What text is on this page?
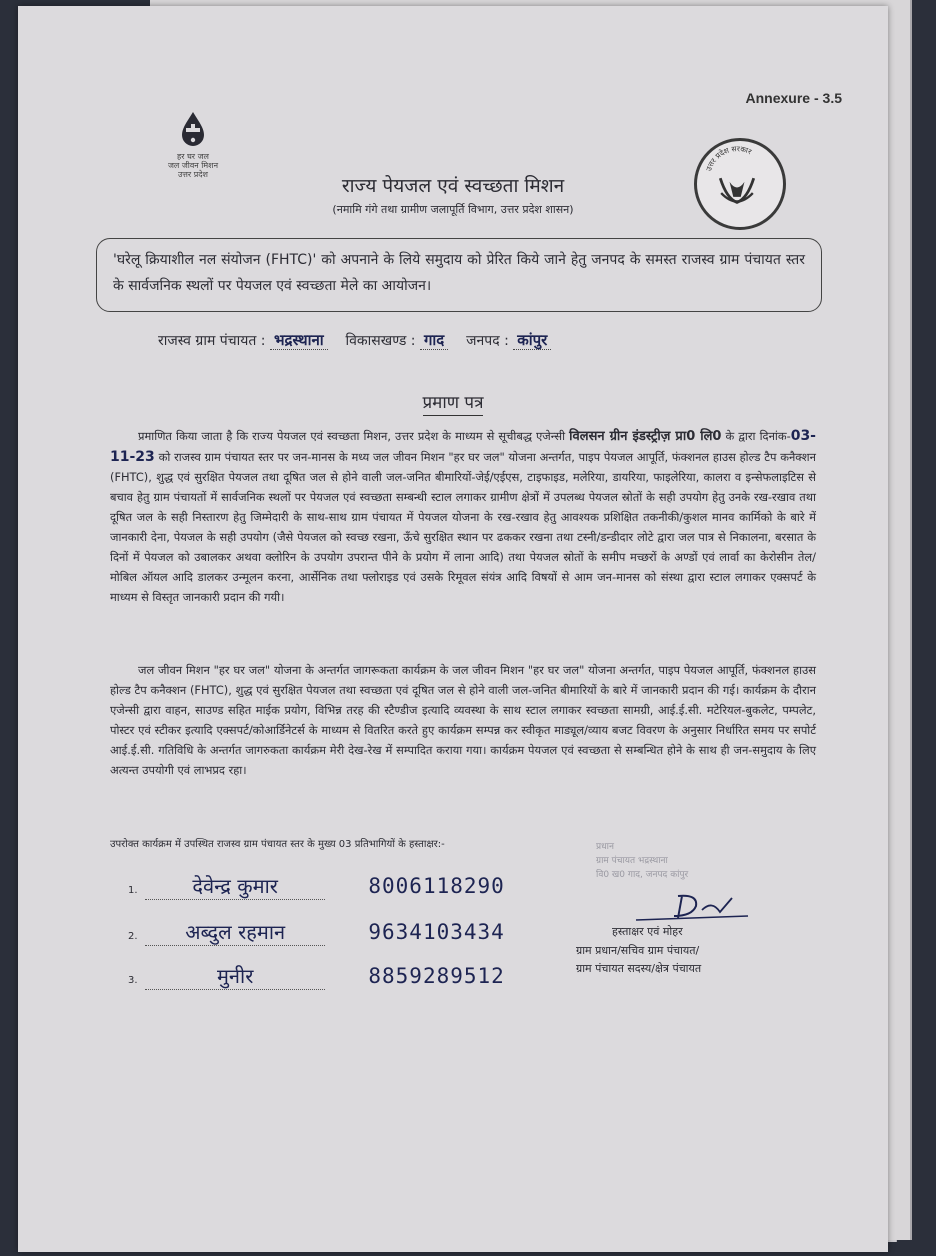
Annexure - 3.5
हर घर जल
जल जीवन मिशन
उत्तर प्रदेश
उत्तर प्रदेश सरकार
राज्य पेयजल एवं स्वच्छता मिशन
(नमामि गंगे तथा ग्रामीण जलापूर्ति विभाग, उत्तर प्रदेश शासन)
'घरेलू क्रियाशील नल संयोजन (FHTC)' को अपनाने के लिये समुदाय को प्रेरित किये जाने हेतु जनपद के समस्त राजस्व ग्राम पंचायत स्तर के सार्वजनिक स्थलों पर पेयजल एवं स्वच्छता मेले का आयोजन।
राजस्व ग्राम पंचायत : भद्रस्थाना विकासखण्ड : गाद जनपद : कांपुर
प्रमाण पत्र
प्रमाणित किया जाता है कि राज्य पेयजल एवं स्वच्छता मिशन, उत्तर प्रदेश के माध्यम से सूचीबद्ध एजेन्सी विलसन ग्रीन इंडस्ट्रीज़ प्रा0 लि0 के द्वारा दिनांक-03-11-23 को राजस्व ग्राम पंचायत स्तर पर जन-मानस के मध्य जल जीवन मिशन "हर घर जल" योजना अन्तर्गत, पाइप पेयजल आपूर्ति, फंक्शनल हाउस होल्ड टैप कनैक्शन (FHTC), शुद्ध एवं सुरक्षित पेयजल तथा दूषित जल से होने वाली जल-जनित बीमारियों-जेई/एईएस, टाइफाइड, मलेरिया, डायरिया, फाइलेरिया, कालरा व इन्सेफलाइटिस से बचाव हेतु ग्राम पंचायतों में सार्वजनिक स्थलों पर पेयजल एवं स्वच्छता सम्बन्धी स्टाल लगाकर ग्रामीण क्षेत्रों में उपलब्ध पेयजल स्रोतों के सही उपयोग हेतु उनके रख-रखाव तथा दूषित जल के सही निस्तारण हेतु जिम्मेदारी के साथ-साथ ग्राम पंचायत में पेयजल योजना के रख-रखाव हेतु आवश्यक प्रशिक्षित तकनीकी/कुशल मानव कार्मिको के बारे में जानकारी देना, पेयजल के सही उपयोग (जैसे पेयजल को स्वच्छ रखना, ऊँचे सुरक्षित स्थान पर ढककर रखना तथा टस्नी/डन्डीदार लोटे द्वारा जल पात्र से निकालना, बरसात के दिनों में पेयजल को उबालकर अथवा क्लोरिन के उपयोग उपरान्त पीने के प्रयोग में लाना आदि) तथा पेयजल स्रोतों के समीप मच्छरों के अण्डों एवं लार्वा का केरोसीन तेल/मोबिल ऑयल आदि डालकर उन्मूलन करना, आर्सेनिक तथा फ्लोराइड एवं उसके रिमूवल संयंत्र आदि विषयों से आम जन-मानस को संस्था द्वारा स्टाल लगाकर एक्सपर्ट के माध्यम से विस्तृत जानकारी प्रदान की गयी।
जल जीवन मिशन "हर घर जल" योजना के अन्तर्गत जागरूकता कार्यक्रम के जल जीवन मिशन "हर घर जल" योजना अन्तर्गत, पाइप पेयजल आपूर्ति, फंक्शनल हाउस होल्ड टैप कनैक्शन (FHTC), शुद्ध एवं सुरक्षित पेयजल तथा स्वच्छता एवं दूषित जल से होने वाली जल-जनित बीमारियों के बारे में जानकारी प्रदान की गई। कार्यक्रम के दौरान एजेन्सी द्वारा वाहन, साउण्ड सहित माईक प्रयोग, विभिन्न तरह की स्टैण्डीज इत्यादि व्यवस्था के साथ स्टाल लगाकर स्वच्छता सामग्री, आई.ई.सी. मटेरियल-बुकलेट, पम्पलेट, पोस्टर एवं स्टीकर इत्यादि एक्सपर्ट/कोआर्डिनेटर्स के माध्यम से वितरित करते हुए कार्यक्रम सम्पन्न कर स्वीकृत माड्यूल/व्याय बजट विवरण के अनुसार निर्धारित समय पर सपोर्ट आई.ई.सी. गतिविधि के अन्तर्गत जागरुकता कार्यक्रम मेरी देख-रेख में सम्पादित कराया गया। कार्यक्रम पेयजल एवं स्वच्छता से सम्बन्धित होने के साथ ही जन-समुदाय के लिए अत्यन्त उपयोगी एवं लाभप्रद रहा।
उपरोक्त कार्यक्रम में उपस्थित राजस्व ग्राम पंचायत स्तर के मुख्य 03 प्रतिभागियों के हस्ताक्षर:-
1.	देवेन्द्र कुमार	8006118290
2. अब्दुल रहमान	9634103434
3.	मुनीर	8859289512
प्रधान
ग्राम पंचायत भद्रस्थाना
वि0 ख0 गाद, जनपद कांपुर
हस्ताक्षर एवं मोहर
ग्राम प्रधान/सचिव ग्राम पंचायत/
ग्राम पंचायत सदस्य/क्षेत्र पंचायत
